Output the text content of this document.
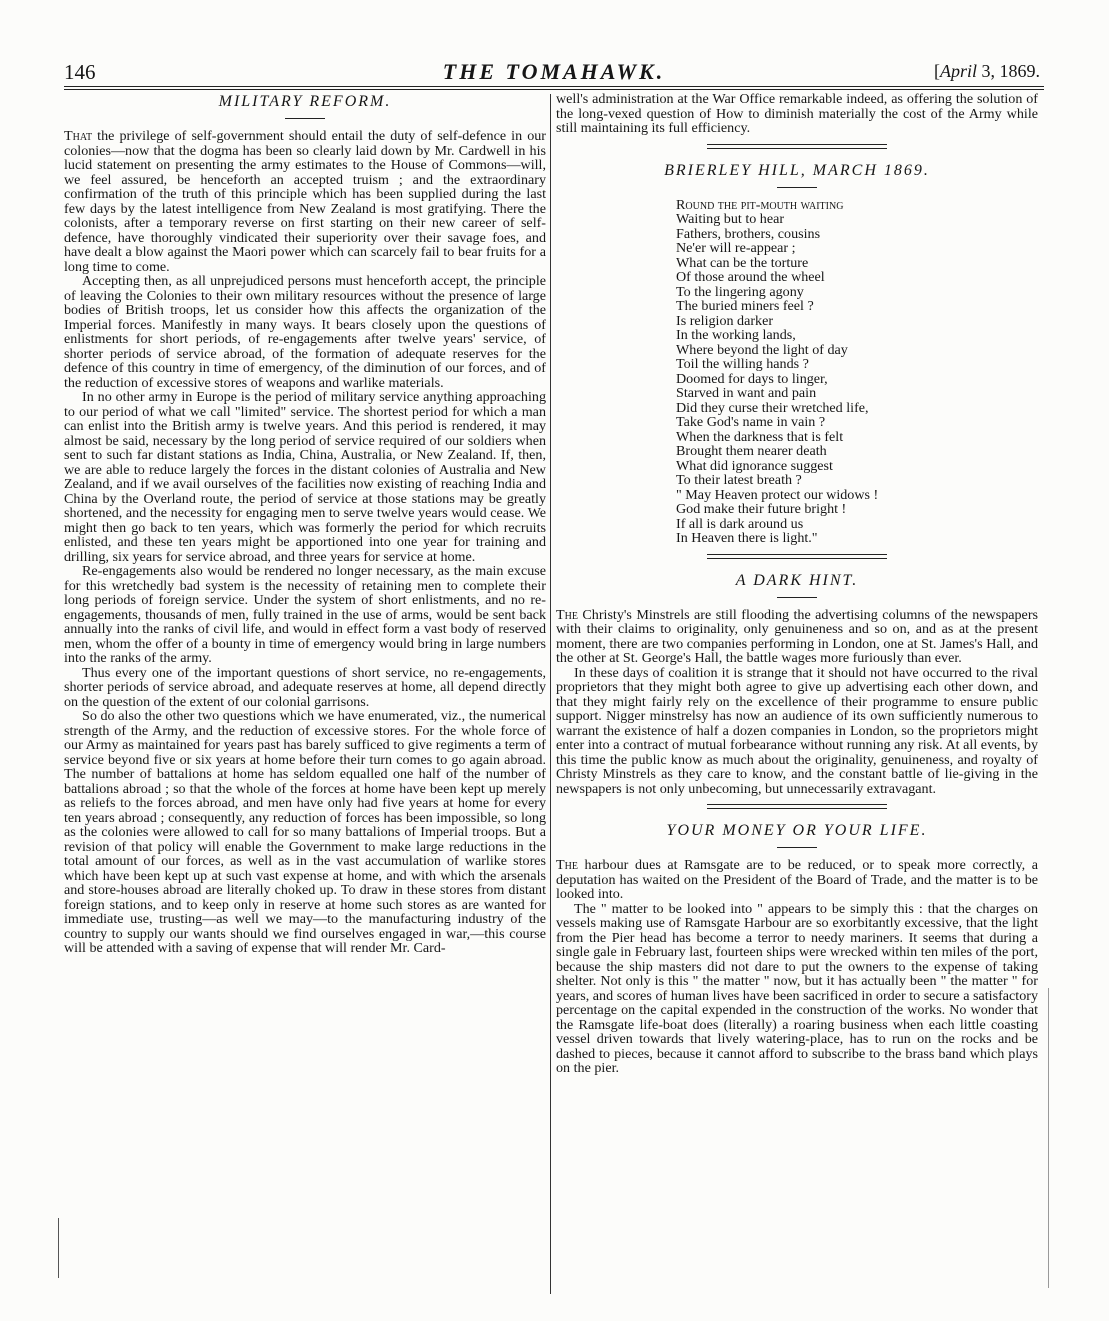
146	THE TOMAHAWK.	[April 3, 1869.
MILITARY REFORM.

That the privilege of self-government should entail the duty of self-defence in our colonies—now that the dogma has been so clearly laid down by Mr. Cardwell in his lucid statement on presenting the army estimates to the House of Commons—will, we feel assured, be henceforth an accepted truism ; and the extraordinary confirmation of the truth of this principle which has been supplied during the last few days by the latest intelligence from New Zealand is most gratifying. There the colonists, after a temporary reverse on first starting on their new career of self-defence, have thoroughly vindicated their superiority over their savage foes, and have dealt a blow against the Maori power which can scarcely fail to bear fruits for a long time to come.

Accepting then, as all unprejudiced persons must henceforth accept, the principle of leaving the Colonies to their own military resources without the presence of large bodies of British troops, let us consider how this affects the organization of the Imperial forces. Manifestly in many ways. It bears closely upon the questions of enlistments for short periods, of re-engagements after twelve years' service, of shorter periods of service abroad, of the formation of adequate reserves for the defence of this country in time of emergency, of the diminution of our forces, and of the reduction of excessive stores of weapons and warlike materials.

In no other army in Europe is the period of military service anything approaching to our period of what we call "limited" service. The shortest period for which a man can enlist into the British army is twelve years. And this period is rendered, it may almost be said, necessary by the long period of service required of our soldiers when sent to such far distant stations as India, China, Australia, or New Zealand. If, then, we are able to reduce largely the forces in the distant colonies of Australia and New Zealand, and if we avail ourselves of the facilities now existing of reaching India and China by the Overland route, the period of service at those stations may be greatly shortened, and the necessity for engaging men to serve twelve years would cease. We might then go back to ten years, which was formerly the period for which recruits enlisted, and these ten years might be apportioned into one year for training and drilling, six years for service abroad, and three years for service at home.

Re-engagements also would be rendered no longer necessary, as the main excuse for this wretchedly bad system is the necessity of retaining men to complete their long periods of foreign service. Under the system of short enlistments, and no re-engagements, thousands of men, fully trained in the use of arms, would be sent back annually into the ranks of civil life, and would in effect form a vast body of reserved men, whom the offer of a bounty in time of emergency would bring in large numbers into the ranks of the army.

Thus every one of the important questions of short service, no re-engagements, shorter periods of service abroad, and adequate reserves at home, all depend directly on the question of the extent of our colonial garrisons.

So do also the other two questions which we have enumerated, viz., the numerical strength of the Army, and the reduction of excessive stores. For the whole force of our Army as maintained for years past has barely sufficed to give regiments a term of service beyond five or six years at home before their turn comes to go again abroad. The number of battalions at home has seldom equalled one half of the number of battalions abroad ; so that the whole of the forces at home have been kept up merely as reliefs to the forces abroad, and men have only had five years at home for every ten years abroad ; consequently, any reduction of forces has been impossible, so long as the colonies were allowed to call for so many battalions of Imperial troops. But a revision of that policy will enable the Government to make large reductions in the total amount of our forces, as well as in the vast accumulation of warlike stores which have been kept up at such vast expense at home, and with which the arsenals and store-houses abroad are literally choked up. To draw in these stores from distant foreign stations, and to keep only in reserve at home such stores as are wanted for immediate use, trusting—as well we may—to the manufacturing industry of the country to supply our wants should we find ourselves engaged in war,—this course will be attended with a saving of expense that will render Mr. Card-

well's administration at the War Office remarkable indeed, as offering the solution of the long-vexed question of How to diminish materially the cost of the Army while still maintaining its full efficiency.

BRIERLEY HILL, MARCH 1869.
Round the pit-mouth waiting
Waiting but to hear
Fathers, brothers, cousins
Ne'er will re-appear ;
What can be the torture
Of those around the wheel
To the lingering agony
The buried miners feel ?
Is religion darker
In the working lands,
Where beyond the light of day
Toil the willing hands ?
Doomed for days to linger,
Starved in want and pain
Did they curse their wretched life,
Take God's name in vain ?
When the darkness that is felt
Brought them nearer death
What did ignorance suggest
To their latest breath ?
" May Heaven protect our widows !
God make their future bright !
If all is dark around us
In Heaven there is light."
A DARK HINT.

The Christy's Minstrels are still flooding the advertising columns of the newspapers with their claims to originality, only genuineness and so on, and as at the present moment, there are two companies performing in London, one at St. James's Hall, and the other at St. George's Hall, the battle wages more furiously than ever.

In these days of coalition it is strange that it should not have occurred to the rival proprietors that they might both agree to give up advertising each other down, and that they might fairly rely on the excellence of their programme to ensure public support. Nigger minstrelsy has now an audience of its own sufficiently numerous to warrant the existence of half a dozen companies in London, so the proprietors might enter into a contract of mutual forbearance without running any risk. At all events, by this time the public know as much about the originality, genuineness, and royalty of Christy Minstrels as they care to know, and the constant battle of lie-giving in the newspapers is not only unbecoming, but unnecessarily extravagant.

YOUR MONEY OR YOUR LIFE.

The harbour dues at Ramsgate are to be reduced, or to speak more correctly, a deputation has waited on the President of the Board of Trade, and the matter is to be looked into.

The " matter to be looked into " appears to be simply this : that the charges on vessels making use of Ramsgate Harbour are so exorbitantly excessive, that the light from the Pier head has become a terror to needy mariners. It seems that during a single gale in February last, fourteen ships were wrecked within ten miles of the port, because the ship masters did not dare to put the owners to the expense of taking shelter. Not only is this " the matter " now, but it has actually been " the matter " for years, and scores of human lives have been sacrificed in order to secure a satisfactory percentage on the capital expended in the construction of the works. No wonder that the Ramsgate life-boat does (literally) a roaring business when each little coasting vessel driven towards that lively watering-place, has to run on the rocks and be dashed to pieces, because it cannot afford to subscribe to the brass band which plays on the pier.
